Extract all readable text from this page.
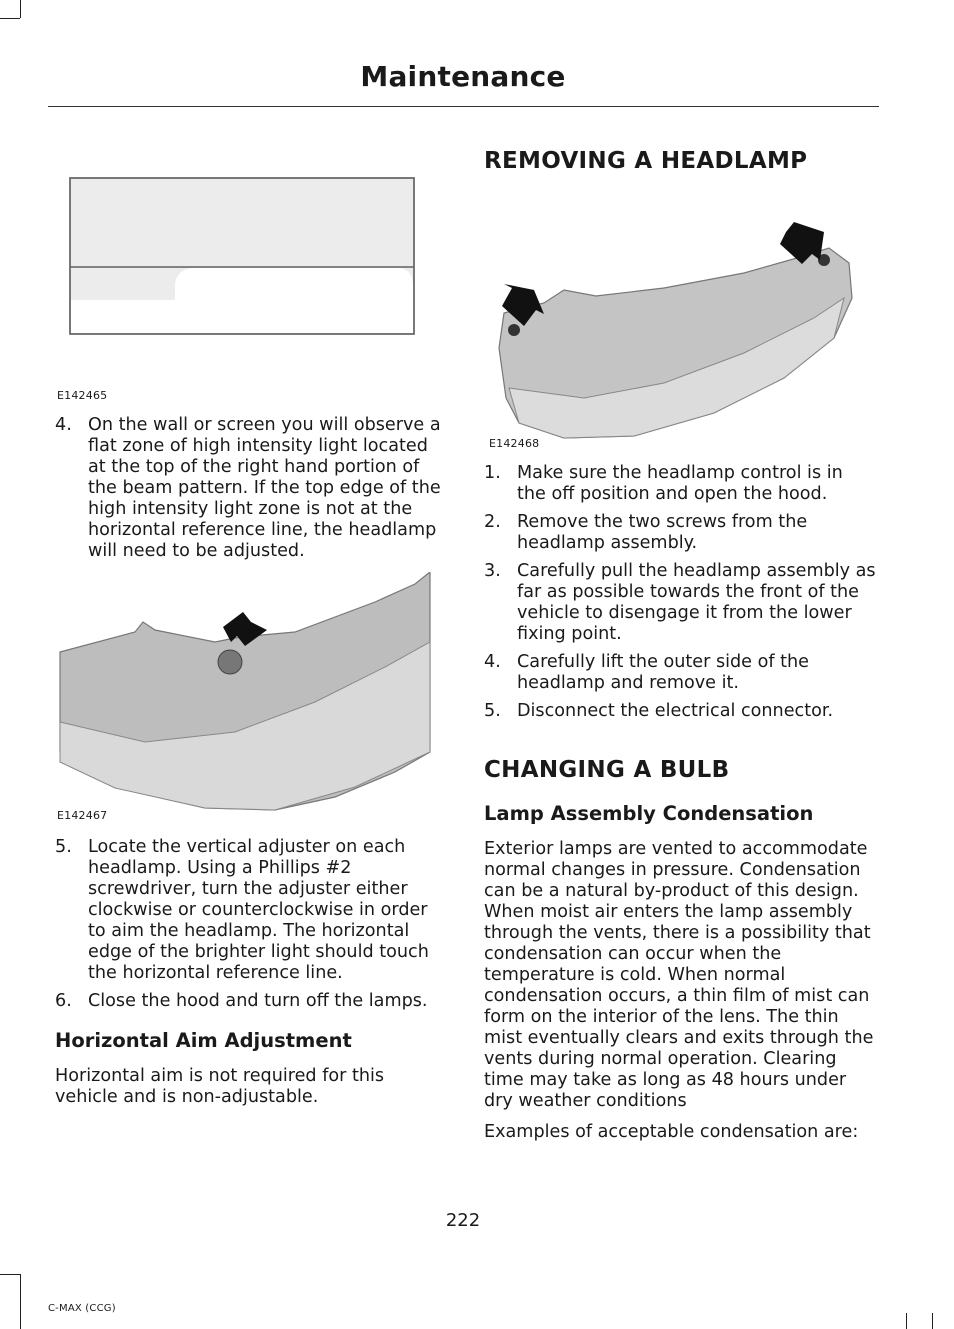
Maintenance
E142465
4. On the wall or screen you will observe a flat zone of high intensity light located at the top of the right hand portion of the beam pattern. If the top edge of the high intensity light zone is not at the horizontal reference line, the headlamp will need to be adjusted.
E142467
5. Locate the vertical adjuster on each headlamp. Using a Phillips #2 screwdriver, turn the adjuster either clockwise or counterclockwise in order to aim the headlamp. The horizontal edge of the brighter light should touch the horizontal reference line.
6. Close the hood and turn off the lamps.
Horizontal Aim Adjustment

Horizontal aim is not required for this vehicle and is non-adjustable.

REMOVING A HEADLAMP
E142468
1. Make sure the headlamp control is in the off position and open the hood.
2. Remove the two screws from the headlamp assembly.
3. Carefully pull the headlamp assembly as far as possible towards the front of the vehicle to disengage it from the lower fixing point.
4. Carefully lift the outer side of the headlamp and remove it.
5. Disconnect the electrical connector.
CHANGING A BULB
Lamp Assembly Condensation

Exterior lamps are vented to accommodate normal changes in pressure. Condensation can be a natural by-product of this design. When moist air enters the lamp assembly through the vents, there is a possibility that condensation can occur when the temperature is cold. When normal condensation occurs, a thin film of mist can form on the interior of the lens. The thin mist eventually clears and exits through the vents during normal operation. Clearing time may take as long as 48 hours under dry weather conditions

Examples of acceptable condensation are:

222
C-MAX (CCG)
